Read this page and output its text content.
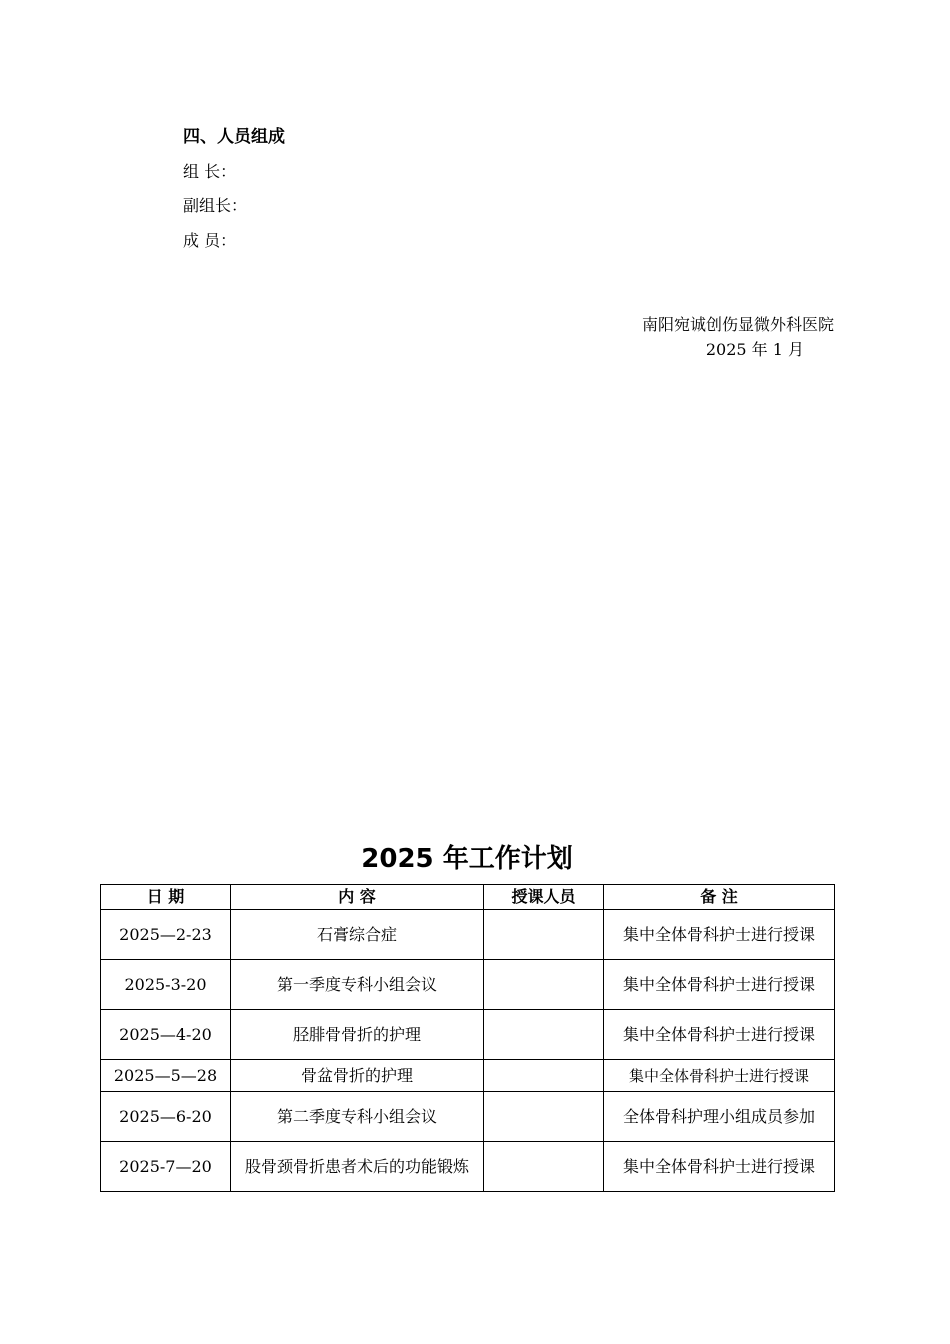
四、人员组成
组 长：
副组长：
成 员：
南阳宛诚创伤显微外科医院
2025 年 1 月
2025 年工作计划
日 期	内 容	授课人员	备 注
2025—2-23	石膏综合症		集中全体骨科护士进行授课
2025-3-20	第一季度专科小组会议		集中全体骨科护士进行授课
2025—4-20	胫腓骨骨折的护理		集中全体骨科护士进行授课
2025—5—28	骨盆骨折的护理		集中全体骨科护士进行授课
2025—6-20	第二季度专科小组会议		全体骨科护理小组成员参加
2025-7—20	股骨颈骨折患者术后的功能锻炼		集中全体骨科护士进行授课
